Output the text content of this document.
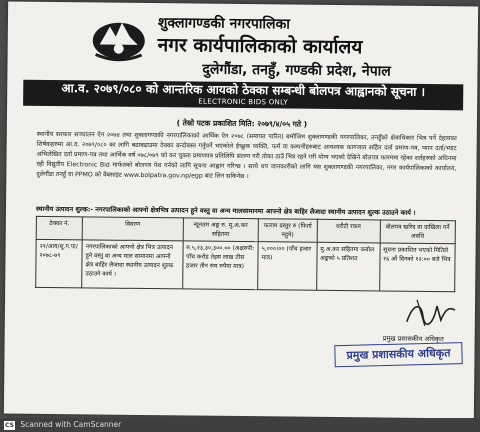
शुक्लागण्डकी नगरपालिका
नगर कार्यपालिकाको कार्यालय
दुलेगौंडा, तनहुँ, गण्डकी प्रदेश, नेपाल
आ.व. २०७९/०८० को आन्तरिक आयको ठेक्का सम्बन्धी बोलपत्र आह्वानको सूचना ।
ELECTRONIC BIDS ONLY
( तेस्रो पटक प्रकाशित मिति: २०७९/४/०५ गते )
स्थानीय सरकार सञ्चालन ऐन २०७४ तथा शुक्लागण्डकी नगरपालिकाको आर्थिक ऐन २०७८ (समायत पारित) बमोजिम शुक्लागण्डकी नगरपालिका, तनहुँको क्षेत्राधिकार भित्र पर्ने देहायका शिर्षकहरुमा आ.व. २०७९/०८० का लागि बढाबढाउमा ठेक्का बन्दोबस्त गर्नुपर्ने भएकोले ईच्छुक व्यक्ति, फर्म वा कम्पनीहरुबाट आवश्यक कागजात सहित दर्ता प्रमाण-पत्र, प्यान दर्ता/भ्याट अभिलेखित दर्ता प्रमाण-पत्र तथा आर्थिक वर्ष ०७८/०७९ को कर चुक्ता प्रमाणपत्र प्रतिलिपि संलग्न गरी तोका ठाउँ भित्र रहने गरी योग्य भएको देखिने बोलपत्र फारममा रहेका शर्तहरुको अधिनमा रही विद्युतीय Electronic Bid मार्फतको बोलपत्र पेश गर्नको लागि सूचना आह्वान गरिन्छ । साथै थप जानकारीको लागि यस शुक्लागण्डकी नगरपालिका, नगर कार्यपालिकाको कार्यालय, दुलेगौंडा तनहुँ वा PPMO को वेबसाइट www.bolpatra.gov.np/egp बाट लिन सकिनेछ ।
स्थानीय उत्पादन शुल्क:- नगरपालिकाको आफ्नो क्षेत्रभित्र उत्पादन हुने वस्तु वा अन्य मालसामानमा आफ्नो क्षेत्र बाहिर लैजादा स्थानीय उत्पादन शुल्क उठाउने कार्य ।
ठेक्का नं.	विवरण	न्यूनतम अङ्क रु. मु.अ.कर सहितमा	फाराम दस्तुर रु (फिर्ता नहुने)	धरौटी रकम	बोलपत्र खरिद वा दाखिला गर्ने अवधि
२१/आय/शु.ग.पा/२०७८-७९	नगरपालिकाको आफ्नो क्षेत्र भित्र उत्पादन हुने वस्तु वा अन्य माल सामानमा आफ्नो क्षेत्र बाहिर लैजादा स्थानीय उत्पादन शुल्क उठाउने कार्य ।	रु.५,२३,३०,३००.०० (अक्षरुपी: पाँच करोड तेइस लाख तीस हजार तीन सय रुपैया मात्र)	५,०००।०० (पाँच हजार मात्र)	मु.अ.कर सहितमा कबोल अङ्कको ५ प्रतिशत	सूचना प्रकाशित भएको मितिले १६ औं दिनको १२:०० बजे भित्र
प्रमुख प्रशासकीय अधिकृत
प्रमुख प्रशासकीय अधिकृत
CS Scanned with CamScanner
